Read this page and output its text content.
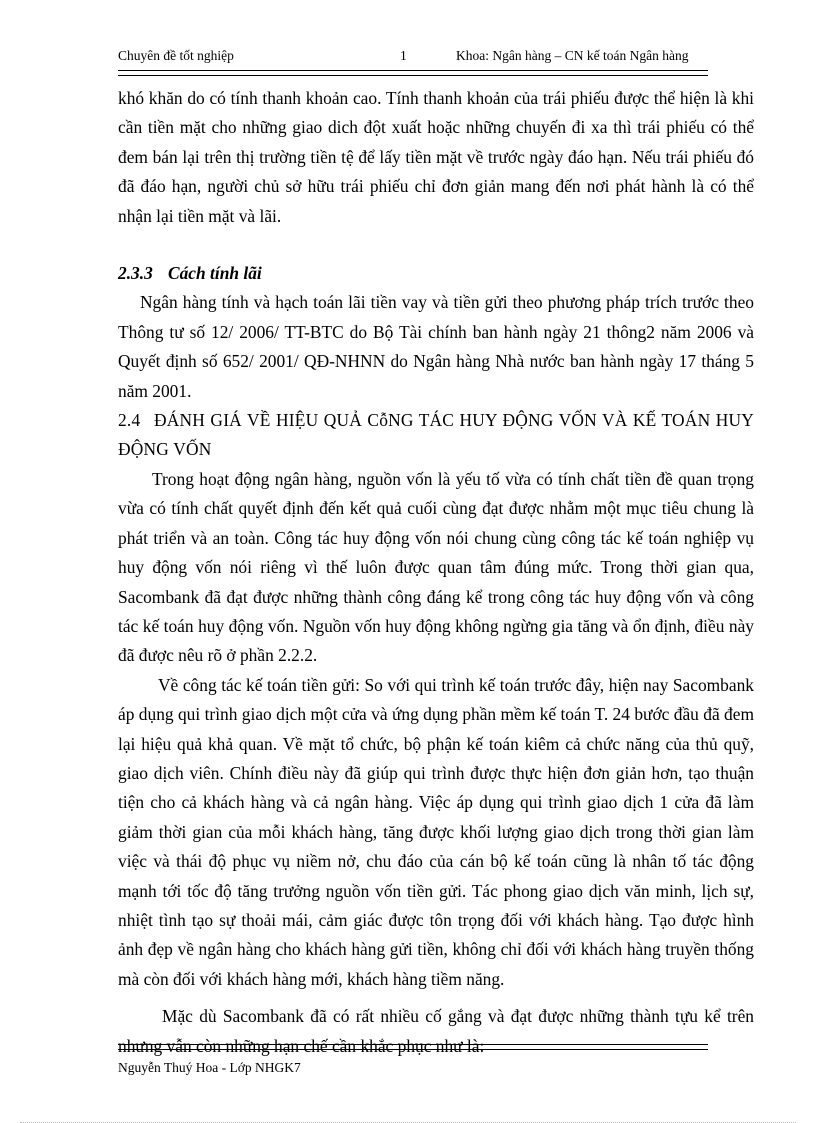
Chuyên đề tốt nghiệp	1	Khoa: Ngân hàng – CN kế toán Ngân hàng

khó khăn do có tính thanh khoản cao. Tính thanh khoản của trái phiếu được thể hiện là khi cần tiền mặt cho những giao dich đột xuất hoặc những chuyến đi xa thì trái phiếu có thể đem bán lại trên thị trường tiền tệ để lấy tiền mặt về trước ngày đáo hạn. Nếu trái phiếu đó đã đáo hạn, người chủ sở hữu trái phiếu chỉ đơn giản mang đến nơi phát hành là có thể nhận lại tiền mặt và lãi.

2.3.3 Cách tính lãi

Ngân hàng tính và hạch toán lãi tiền vay và tiền gửi theo phương pháp trích trước theo Thông tư số 12/ 2006/ TT-BTC do Bộ Tài chính ban hành ngày 21 thông2 năm 2006 và Quyết định số 652/ 2001/ QĐ-NHNN do Ngân hàng Nhà nước ban hành ngày 17 tháng 5 năm 2001.

2.4 ĐÁNH GIÁ VỀ HIỆU QUẢ CỗNG TÁC HUY ĐỘNG VỐN VÀ KẾ TOÁN HUY ĐỘNG VỐN

Trong hoạt động ngân hàng, nguồn vốn là yếu tố vừa có tính chất tiền đề quan trọng vừa có tính chất quyết định đến kết quả cuối cùng đạt được nhằm một mục tiêu chung là phát triển và an toàn. Công tác huy động vốn nói chung cùng công tác kế toán nghiệp vụ huy động vốn nói riêng vì thế luôn được quan tâm đúng mức. Trong thời gian qua, Sacombank đã đạt được những thành công đáng kể trong công tác huy động vốn và công tác kế toán huy động vốn. Nguồn vốn huy động không ngừng gia tăng và ổn định, điều này đã được nêu rõ ở phần 2.2.2.

Về công tác kế toán tiền gửi: So với qui trình kế toán trước đây, hiện nay Sacombank áp dụng qui trình giao dịch một cửa và ứng dụng phần mềm kế toán T. 24 bước đầu đã đem lại hiệu quả khả quan. Về mặt tổ chức, bộ phận kế toán kiêm cả chức năng của thủ quỹ, giao dịch viên. Chính điều này đã giúp qui trình được thực hiện đơn giản hơn, tạo thuận tiện cho cả khách hàng và cả ngân hàng. Việc áp dụng qui trình giao dịch 1 cửa đã làm giảm thời gian của mỗi khách hàng, tăng được khối lượng giao dịch trong thời gian làm việc và thái độ phục vụ niềm nở, chu đáo của cán bộ kế toán cũng là nhân tố tác động mạnh tới tốc độ tăng trưởng nguồn vốn tiền gửi. Tác phong giao dịch văn minh, lịch sự, nhiệt tình tạo sự thoải mái, cảm giác được tôn trọng đối với khách hàng. Tạo được hình ảnh đẹp về ngân hàng cho khách hàng gửi tiền, không chỉ đối với khách hàng truyền thống mà còn đối với khách hàng mới, khách hàng tiềm năng.

Mặc dù Sacombank đã có rất nhiều cố gắng và đạt được những thành tựu kể trên nhưng vẫn còn những hạn chế cần khắc phục như là:

Nguyễn Thuý Hoa - Lớp NHGK7
